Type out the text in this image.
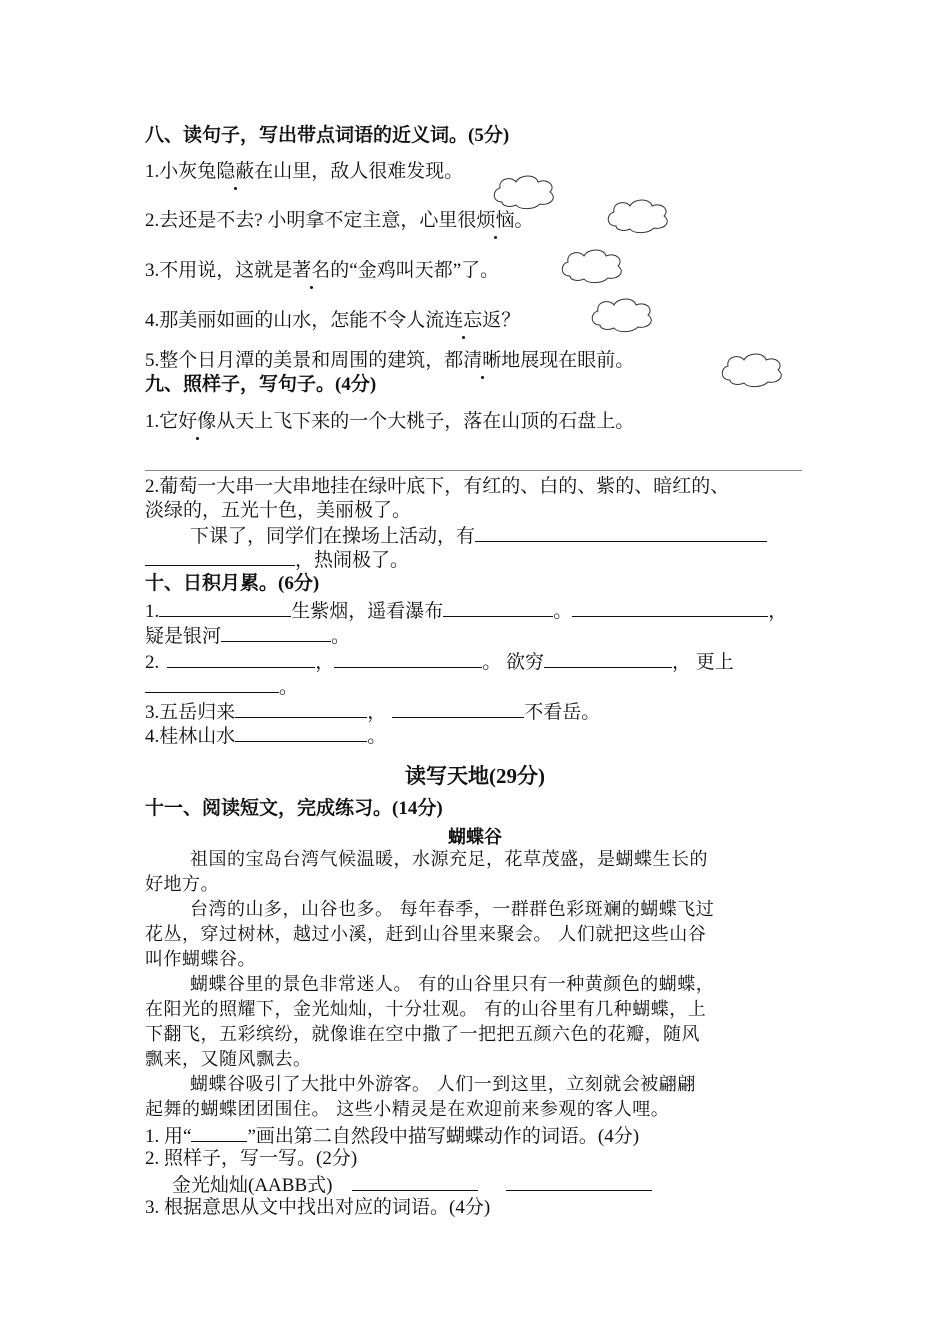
八、读句子，写出带点词语的近义词。(5分)
1.小灰兔隐蔽在山里，敌人很难发现。
2.去还是不去? 小明拿不定主意，心里很烦恼。
3.不用说，这就是著名的“金鸡叫天都”了。
4.那美丽如画的山水，怎能不令人流连忘返？
5.整个日月潭的美景和周围的建筑，都清晰地展现在眼前。
九、照样子，写句子。(4分)
1.它好像从天上飞下来的一个大桃子，落在山顶的石盘上。
2.葡萄一大串一大串地挂在绿叶底下，有红的、白的、紫的、暗红的、
淡绿的，五光十色，美丽极了。
下课了，同学们在操场上活动，有
，热闹极了。
十、日积月累。(6分)
1.	生紫烟，遥看瀑布	。	，
疑是银河	。
2.	，	。 欲穷	， 更上
。
3.五岳归来	，	不看岳。
4.桂林山水	。
读写天地(29分)
十一、阅读短文，完成练习。(14分)
蝴蝶谷
祖国的宝岛台湾气候温暖，水源充足，花草茂盛，是蝴蝶生长的
好地方。
台湾的山多，山谷也多。 每年春季，一群群色彩斑斓的蝴蝶飞过
花丛，穿过树林，越过小溪，赶到山谷里来聚会。 人们就把这些山谷
叫作蝴蝶谷。
蝴蝶谷里的景色非常迷人。 有的山谷里只有一种黄颜色的蝴蝶，
在阳光的照耀下，金光灿灿，十分壮观。 有的山谷里有几种蝴蝶，上
下翻飞，五彩缤纷，就像谁在空中撒了一把把五颜六色的花瓣，随风
飘来，又随风飘去。
蝴蝶谷吸引了大批中外游客。 人们一到这里，立刻就会被翩翩
起舞的蝴蝶团团围住。 这些小精灵是在欢迎前来参观的客人哩。
1. 用“	”画出第二自然段中描写蝴蝶动作的词语。(4分)
2. 照样子，写一写。(2分)
金光灿灿(AABB式)
3. 根据意思从文中找出对应的词语。(4分)
